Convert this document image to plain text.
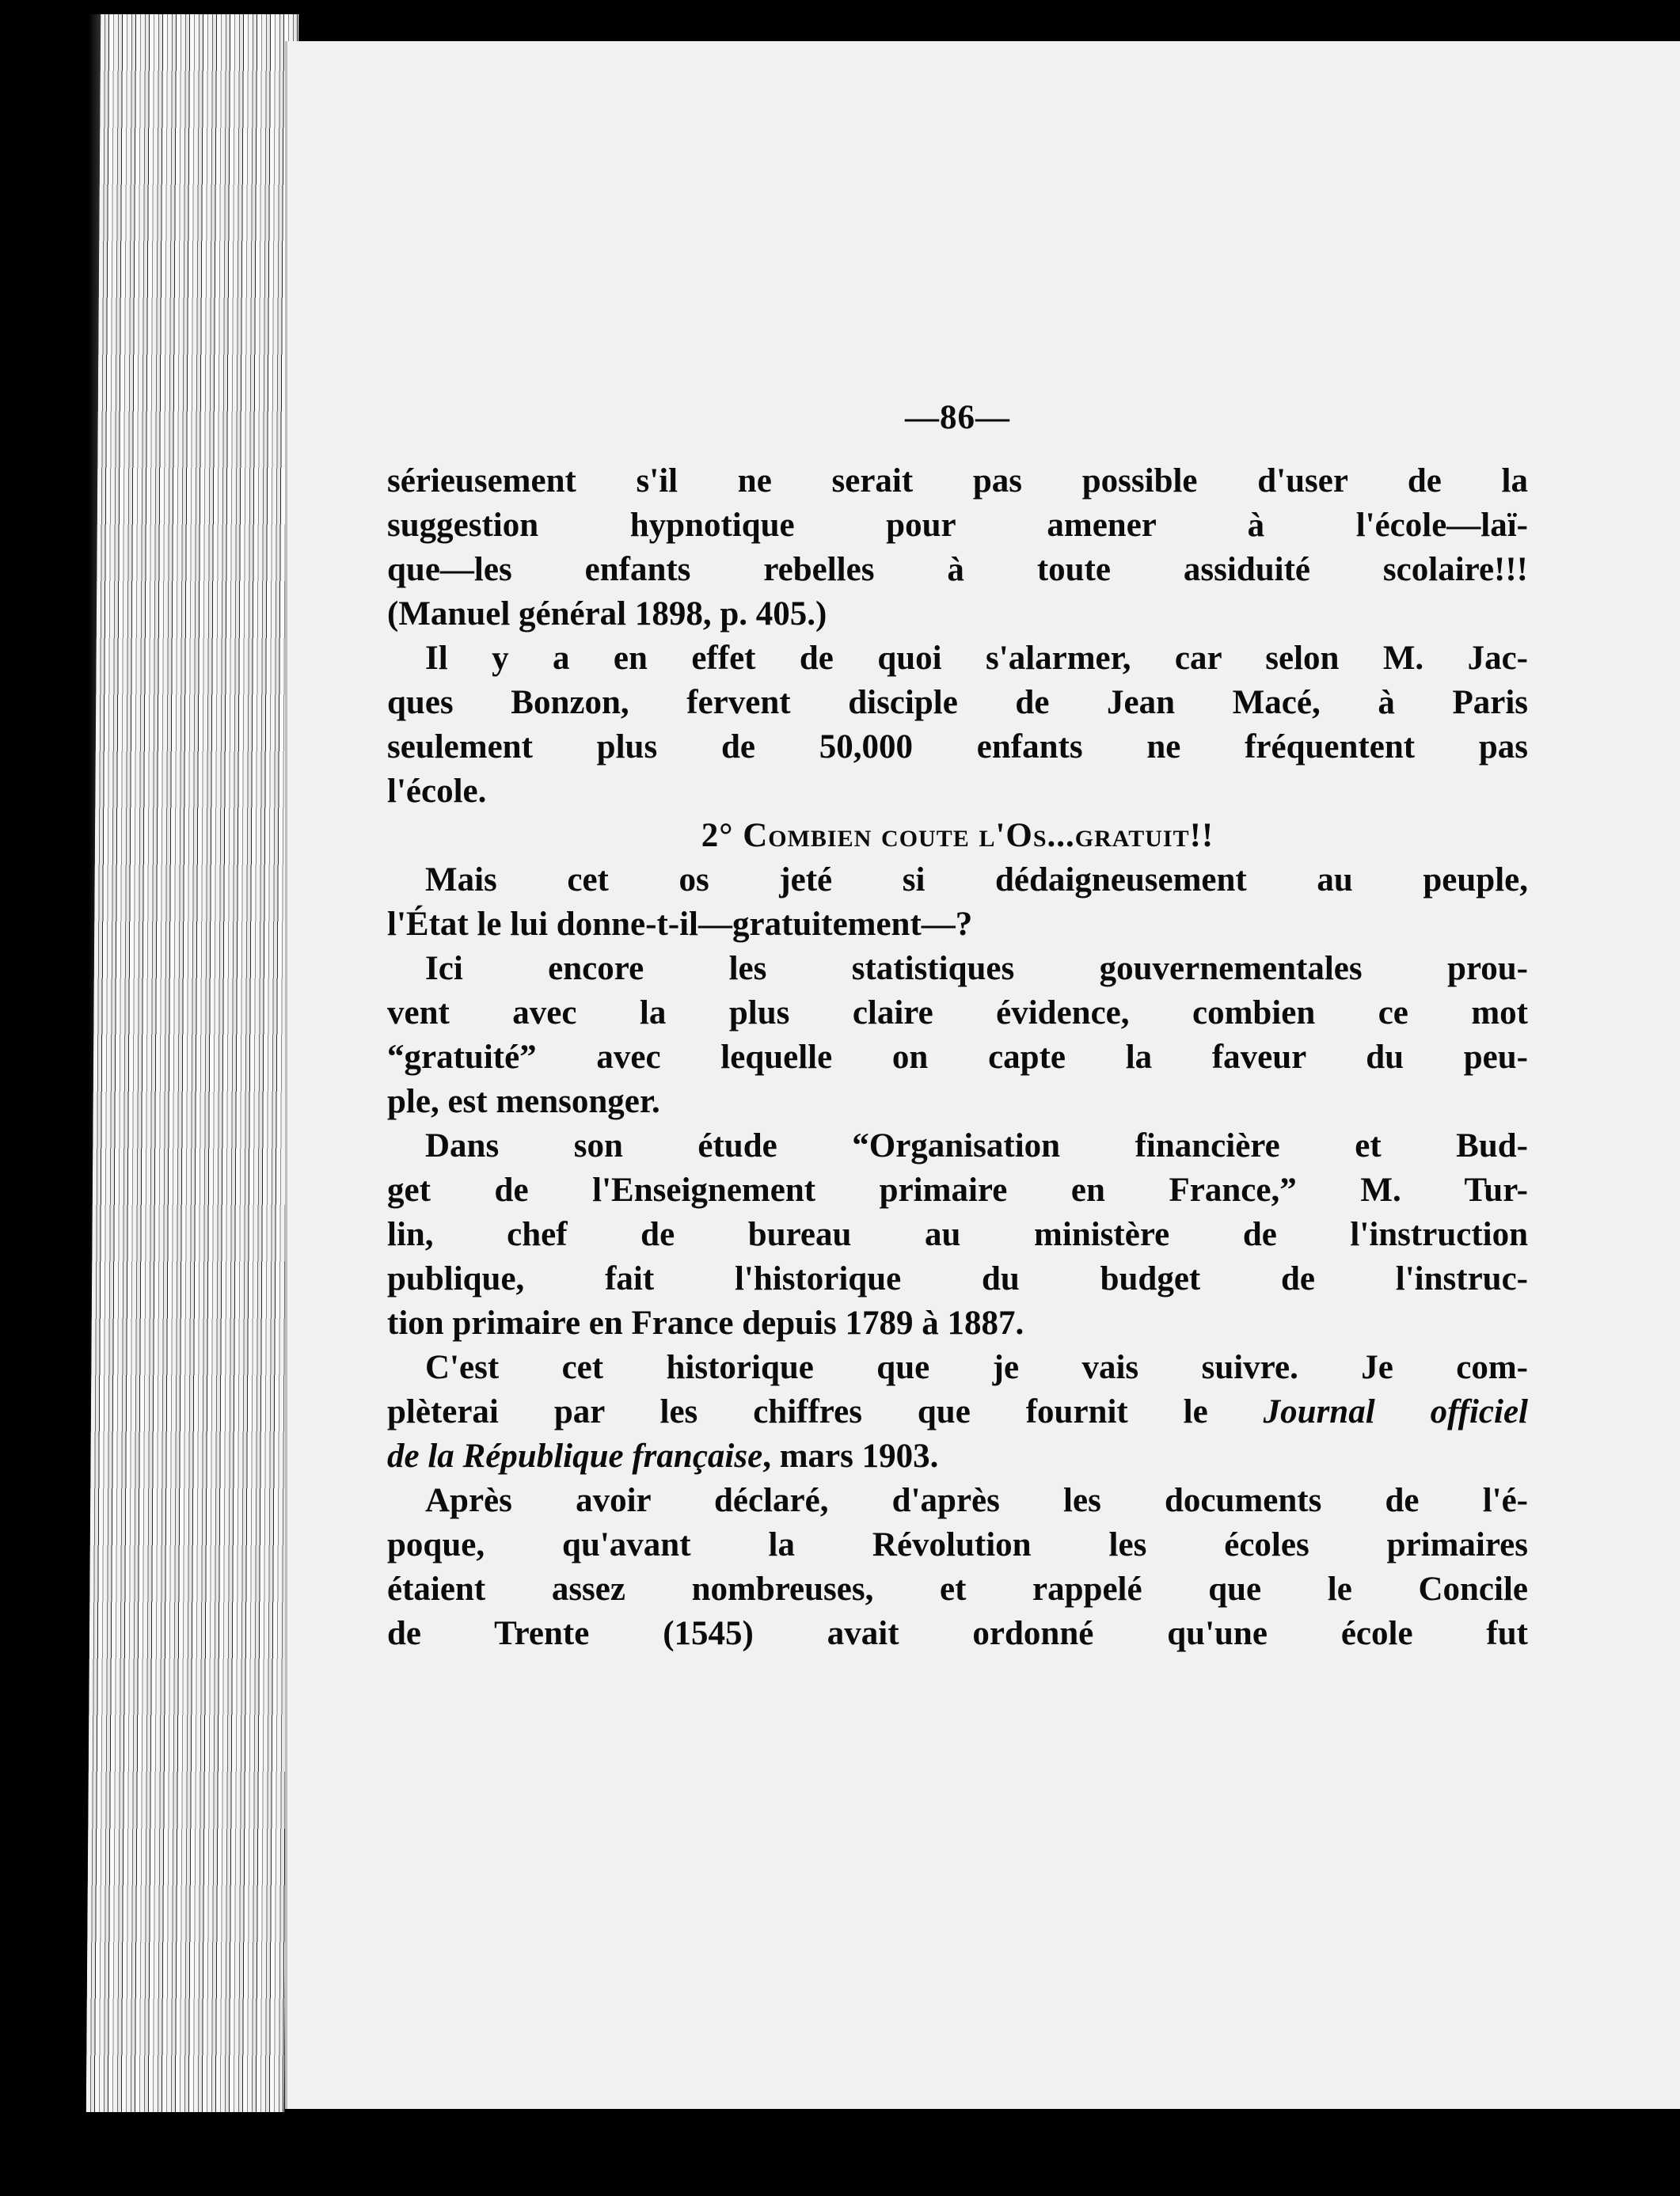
—86—
sérieusement s'il ne serait pas possible d'user de la
suggestion hypnotique pour amener à l'école—laï-
que—les enfants rebelles à toute assiduité scolaire!!!
(Manuel général 1898, p. 405.)
Il y a en effet de quoi s'alarmer, car selon M. Jac-
ques Bonzon, fervent disciple de Jean Macé, à Paris
seulement plus de 50,000 enfants ne fréquentent pas
l'école.
2° Combien coute l'Os...gratuit!!
Mais cet os jeté si dédaigneusement au peuple,
l'État le lui donne-t-il—gratuitement—?
Ici encore les statistiques gouvernementales prou-
vent avec la plus claire évidence, combien ce mot
“gratuité” avec lequelle on capte la faveur du peu-
ple, est mensonger.
Dans son étude “Organisation financière et Bud-
get de l'Enseignement primaire en France,” M. Tur-
lin, chef de bureau au ministère de l'instruction
publique, fait l'historique du budget de l'instruc-
tion primaire en France depuis 1789 à 1887.
C'est cet historique que je vais suivre. Je com-
plèterai par les chiffres que fournit le Journal officiel
de la République française, mars 1903.
Après avoir déclaré, d'après les documents de l'é-
poque, qu'avant la Révolution les écoles primaires
étaient assez nombreuses, et rappelé que le Concile
de Trente (1545) avait ordonné qu'une école fut
